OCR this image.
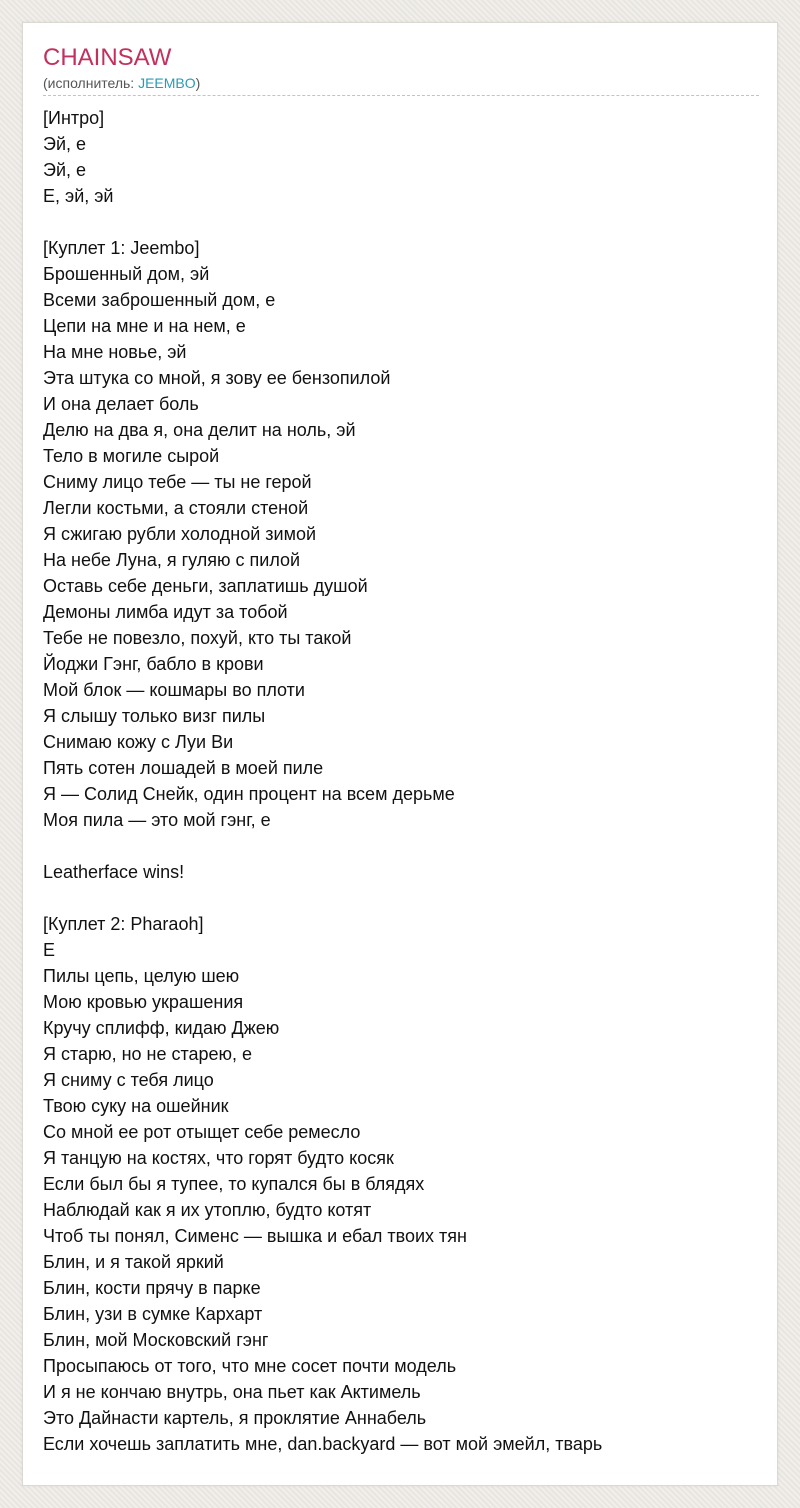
CHAINSAW
(исполнитель: JEEMBO)
[Интро]
Эй, е
Эй, е
Е, эй, эй
[Куплет 1: Jeembo]
Брошенный дом, эй
Всеми заброшенный дом, е
Цепи на мне и на нем, е
На мне новье, эй
Эта штука со мной, я зову ее бензопилой
И она делает боль
Делю на два я, она делит на ноль, эй
Тело в могиле сырой
Сниму лицо тебе — ты не герой
Легли костьми, а стояли стеной
Я сжигаю рубли холодной зимой
На небе Луна, я гуляю с пилой
Оставь себе деньги, заплатишь душой
Демоны лимба идут за тобой
Тебе не повезло, похуй, кто ты такой
Йоджи Гэнг, бабло в крови
Мой блок — кошмары во плоти
Я слышу только визг пилы
Снимаю кожу с Луи Ви
Пять сотен лошадей в моей пиле
Я — Солид Снейк, один процент на всем дерьме
Моя пила — это мой гэнг, е
Leatherface wins!
[Куплет 2: Pharaoh]
Е
Пилы цепь, целую шею
Мою кровью украшения
Кручу сплифф, кидаю Джею
Я старю, но не старею, е
Я сниму с тебя лицо
Твою суку на ошейник
Со мной ее рот отыщет себе ремесло
Я танцую на костях, что горят будто косяк
Если был бы я тупее, то купался бы в блядях
Наблюдай как я их утоплю, будто котят
Чтоб ты понял, Сименс — вышка и ебал твоих тян
Блин, и я такой яркий
Блин, кости прячу в парке
Блин, узи в сумке Кархарт
Блин, мой Московский гэнг
Просыпаюсь от того, что мне сосет почти модель
И я не кончаю внутрь, она пьет как Актимель
Это Дайнасти картель, я проклятие Аннабель
Если хочешь заплатить мне, dan.backyard — вот мой эмейл, тварь
